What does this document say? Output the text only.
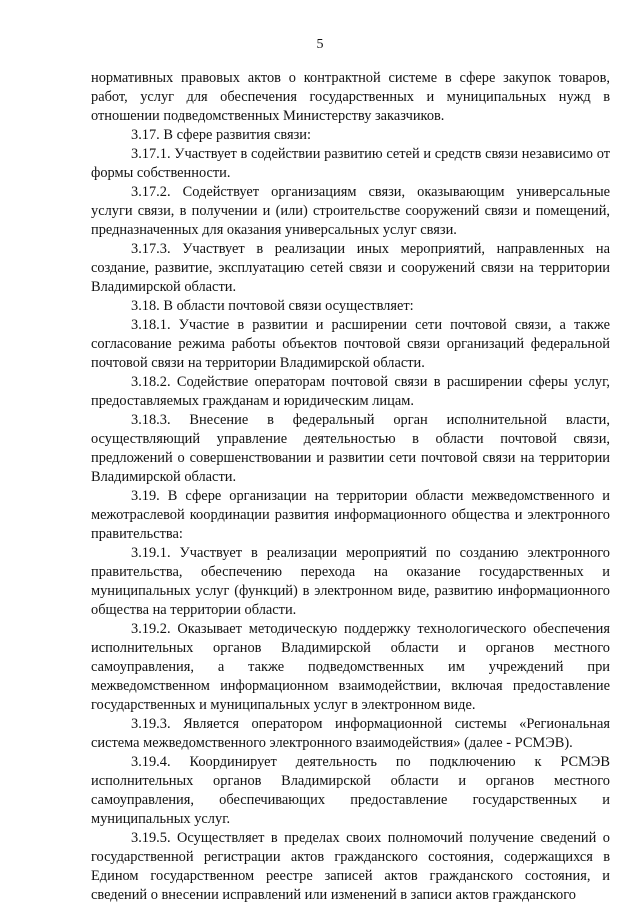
5

нормативных правовых актов о контрактной системе в сфере закупок товаров, работ, услуг для обеспечения государственных и муниципальных нужд в отношении подведомственных Министерству заказчиков.

3.17. В сфере развития связи:

3.17.1. Участвует в содействии развитию сетей и средств связи независимо от формы собственности.

3.17.2. Содействует организациям связи, оказывающим универсальные услуги связи, в получении и (или) строительстве сооружений связи и помещений, предназначенных для оказания универсальных услуг связи.

3.17.3. Участвует в реализации иных мероприятий, направленных на создание, развитие, эксплуатацию сетей связи и сооружений связи на территории Владимирской области.

3.18. В области почтовой связи осуществляет:

3.18.1. Участие в развитии и расширении сети почтовой связи, а также согласование режима работы объектов почтовой связи организаций федеральной почтовой связи на территории Владимирской области.

3.18.2. Содействие операторам почтовой связи в расширении сферы услуг, предоставляемых гражданам и юридическим лицам.

3.18.3. Внесение в федеральный орган исполнительной власти, осуществляющий управление деятельностью в области почтовой связи, предложений о совершенствовании и развитии сети почтовой связи на территории Владимирской области.

3.19. В сфере организации на территории области межведомственного и межотраслевой координации развития информационного общества и электронного правительства:

3.19.1. Участвует в реализации мероприятий по созданию электронного правительства, обеспечению перехода на оказание государственных и муниципальных услуг (функций) в электронном виде, развитию информационного общества на территории области.

3.19.2. Оказывает методическую поддержку технологического обеспечения исполнительных органов Владимирской области и органов местного самоуправления, а также подведомственных им учреждений при межведомственном информационном взаимодействии, включая предоставление государственных и муниципальных услуг в электронном виде.

3.19.3. Является оператором информационной системы «Региональная система межведомственного электронного взаимодействия» (далее - РСМЭВ).

3.19.4. Координирует деятельность по подключению к РСМЭВ исполнительных органов Владимирской области и органов местного самоуправления, обеспечивающих предоставление государственных и муниципальных услуг.

3.19.5. Осуществляет в пределах своих полномочий получение сведений о государственной регистрации актов гражданского состояния, содержащихся в Едином государственном реестре записей актов гражданского состояния, и сведений о внесении исправлений или изменений в записи актов гражданского
